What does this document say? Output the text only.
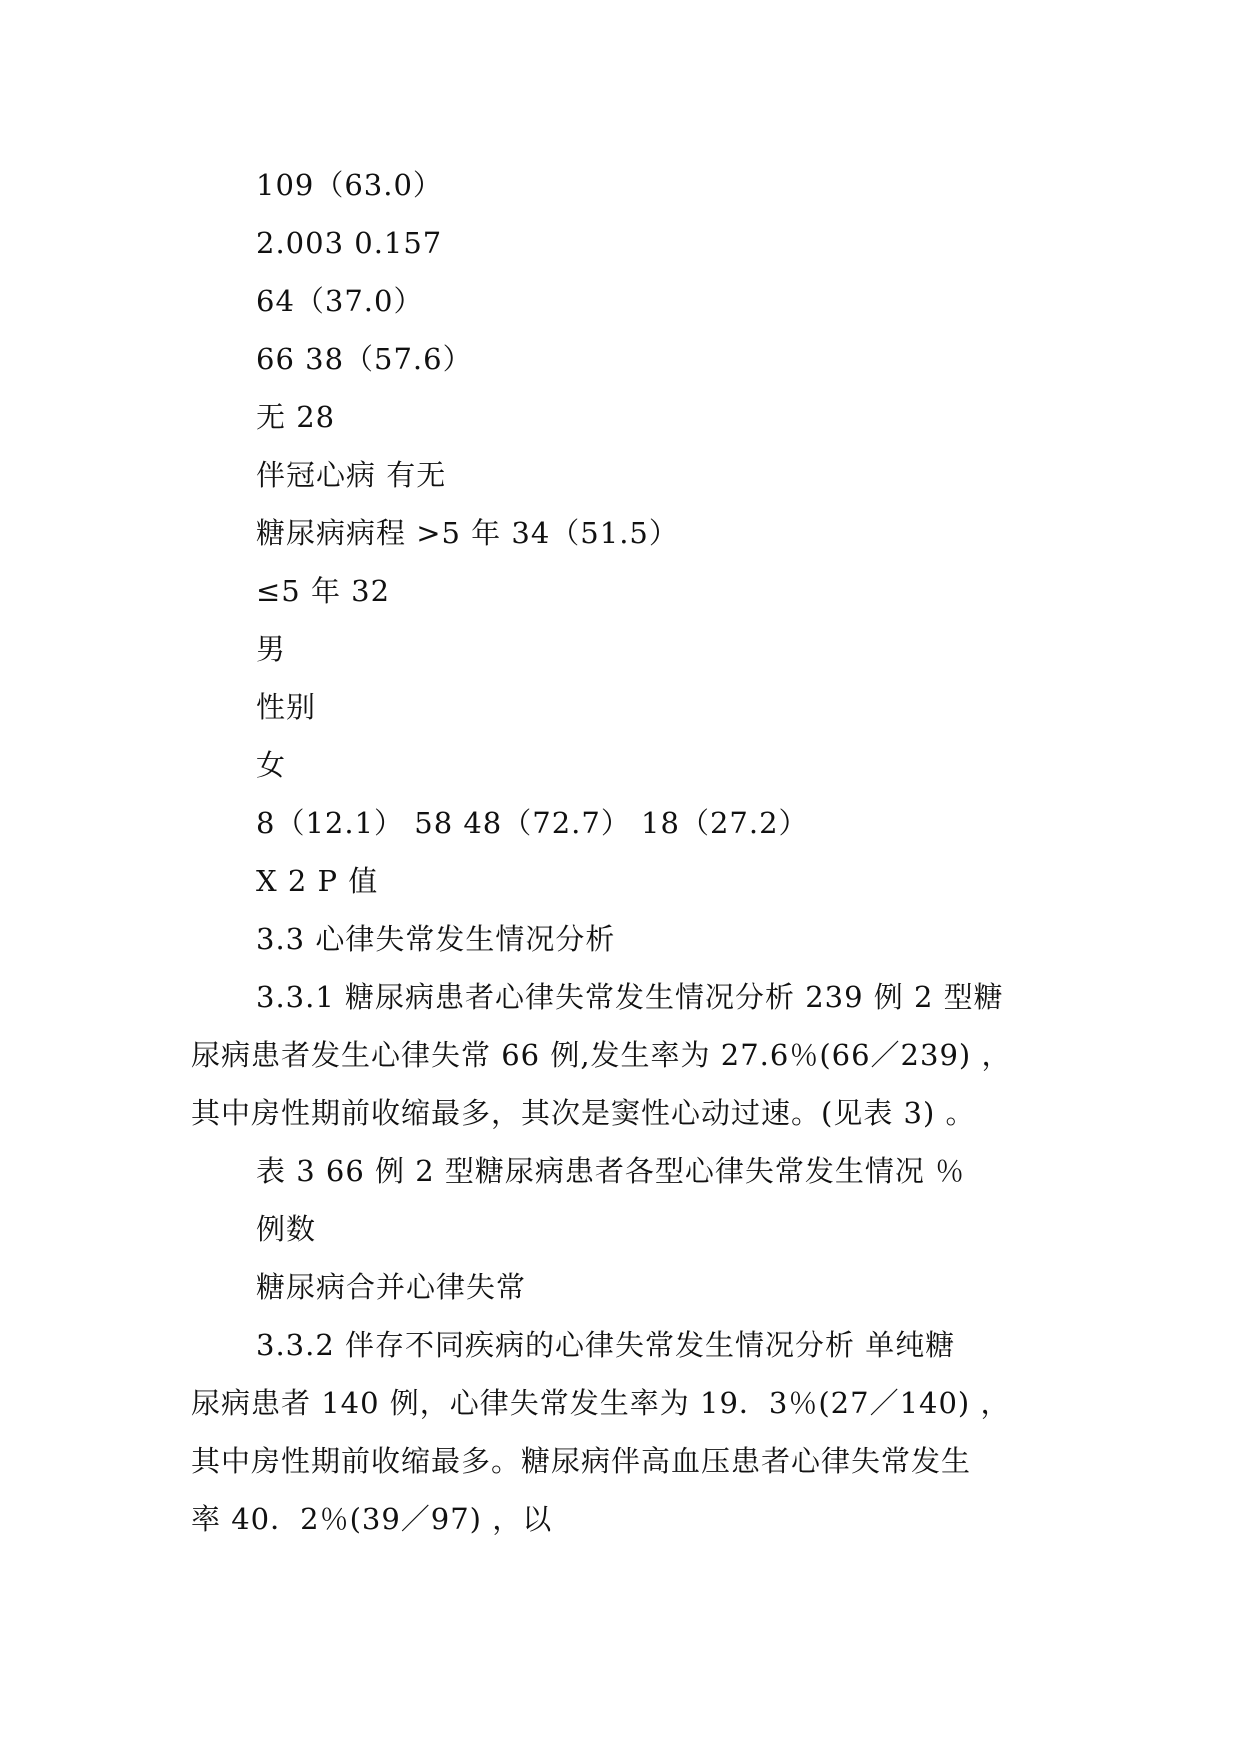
109（63.0）
2.003 0.157
64（37.0）
66 38（57.6）
无 28
伴冠心病 有无
糖尿病病程 >5 年 34（51.5）
≤5 年 32
男
性别
女
8（12.1） 58 48（72.7） 18（27.2）
X 2 P 值
3.3 心律失常发生情况分析
3.3.1 糖尿病患者心律失常发生情况分析 239 例 2 型糖
尿病患者发生心律失常 66 例,发生率为 27.6％(66／239) ，
其中房性期前收缩最多，其次是窦性心动过速。(见表 3) 。
表 3 66 例 2 型糖尿病患者各型心律失常发生情况 ％
例数
糖尿病合并心律失常
3.3.2 伴存不同疾病的心律失常发生情况分析 单纯糖
尿病患者 140 例，心律失常发生率为 19．3％(27／140) ，
其中房性期前收缩最多。糖尿病伴高血压患者心律失常发生
率 40．2％(39／97) ，以
